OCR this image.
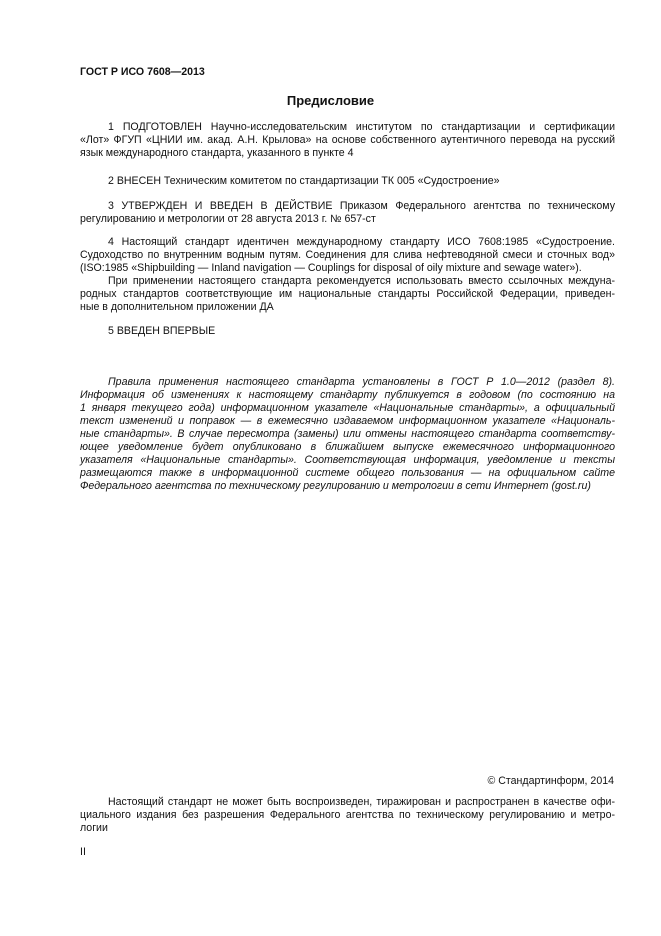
ГОСТ Р ИСО 7608—2013
Предисловие
1 ПОДГОТОВЛЕН Научно-исследовательским институтом по стандартизации и сертификации
«Лот» ФГУП «ЦНИИ им. акад. А.Н. Крылова» на основе собственного аутентичного перевода на русский
язык международного стандарта, указанного в пункте 4
2 ВНЕСЕН Техническим комитетом по стандартизации ТК 005 «Судостроение»
3 УТВЕРЖДЕН И ВВЕДЕН В ДЕЙСТВИЕ Приказом Федерального агентства по техническому
регулированию и метрологии от 28 августа 2013 г. № 657-ст
4 Настоящий стандарт идентичен международному стандарту ИСО 7608:1985 «Судостроение.
Судоходство по внутренним водным путям. Соединения для слива нефтеводяной смеси и сточных вод»
(ISO:1985 «Shipbuilding — Inland navigation — Couplings for disposal of oily mixture and sewage water»).
При применении настоящего стандарта рекомендуется использовать вместо ссылочных междуна-
родных стандартов соответствующие им национальные стандарты Российской Федерации, приведен-
ные в дополнительном приложении ДА
5 ВВЕДЕН ВПЕРВЫЕ
Правила применения настоящего стандарта установлены в ГОСТ Р 1.0—2012 (раздел 8).
Информация об изменениях к настоящему стандарту публикуется в годовом (по состоянию на
1 января текущего года) информационном указателе «Национальные стандарты», а официальный
текст изменений и поправок — в ежемесячно издаваемом информационном указателе «Националь-
ные стандарты». В случае пересмотра (замены) или отмены настоящего стандарта соответству-
ющее уведомление будет опубликовано в ближайшем выпуске ежемесячного информационного
указателя «Национальные стандарты». Соответствующая информация, уведомление и тексты
размещаются также в информационной системе общего пользования — на официальном сайте
Федерального агентства по техническому регулированию и метрологии в сети Интернет (gost.ru)
© Стандартинформ, 2014
Настоящий стандарт не может быть воспроизведен, тиражирован и распространен в качестве офи-
циального издания без разрешения Федерального агентства по техническому регулированию и метро-
логии
II
